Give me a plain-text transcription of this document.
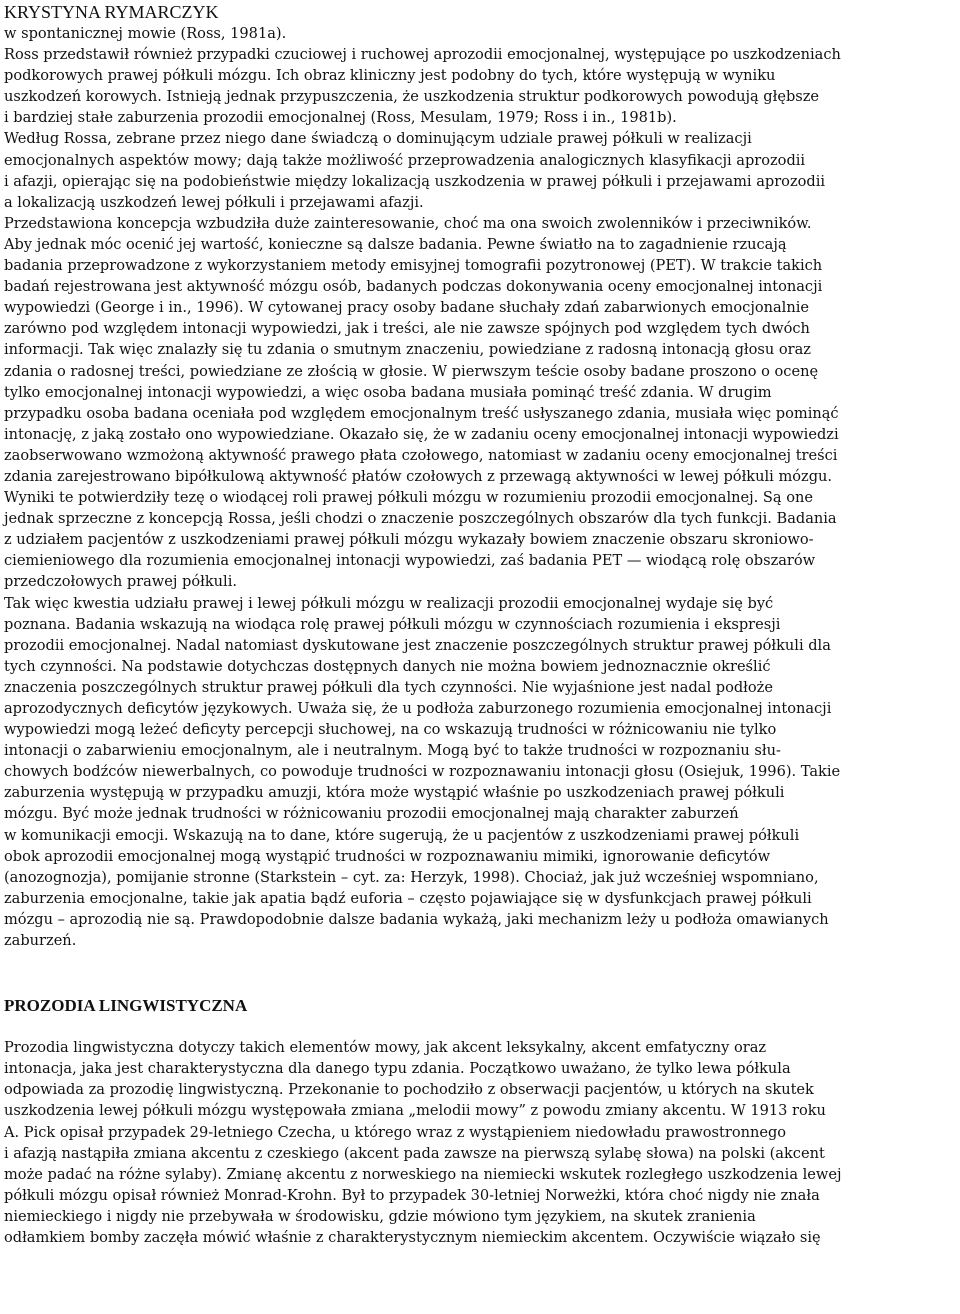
KRYSTYNA RYMARCZYK
w spontanicznej mowie (Ross, 1981a).
Ross przedstawił również przypadki czuciowej i ruchowej aprozodii emocjonalnej, występujące po uszkodzeniach
podkorowych prawej półkuli mózgu. Ich obraz kliniczny jest podobny do tych, które występują w wyniku
uszkodzeń korowych. Istnieją jednak przypuszczenia, że uszkodzenia struktur podkorowych powodują głębsze
i bardziej stałe zaburzenia prozodii emocjonalnej (Ross, Mesulam, 1979; Ross i in., 1981b).
Według Rossa, zebrane przez niego dane świadczą o dominującym udziale prawej półkuli w realizacji
emocjonalnych aspektów mowy; dają także możliwość przeprowadzenia analogicznych klasyfikacji aprozodii
i afazji, opierając się na podobieństwie między lokalizacją uszkodzenia w prawej półkuli i przejawami aprozodii
a lokalizacją uszkodzeń lewej półkuli i przejawami afazji.
Przedstawiona koncepcja wzbudziła duże zainteresowanie, choć ma ona swoich zwolenników i przeciwników.
Aby jednak móc ocenić jej wartość, konieczne są dalsze badania. Pewne światło na to zagadnienie rzucają
badania przeprowadzone z wykorzystaniem metody emisyjnej tomografii pozytronowej (PET). W trakcie takich
badań rejestrowana jest aktywność mózgu osób, badanych podczas dokonywania oceny emocjonalnej intonacji
wypowiedzi (George i in., 1996). W cytowanej pracy osoby badane słuchały zdań zabarwionych emocjonalnie
zarówno pod względem intonacji wypowiedzi, jak i treści, ale nie zawsze spójnych pod względem tych dwóch
informacji. Tak więc znalazły się tu zdania o smutnym znaczeniu, powiedziane z radosną intonacją głosu oraz
zdania o radosnej treści, powiedziane ze złością w głosie. W pierwszym teście osoby badane proszono o ocenę
tylko emocjonalnej intonacji wypowiedzi, a więc osoba badana musiała pominąć treść zdania. W drugim
przypadku osoba badana oceniała pod względem emocjonalnym treść usłyszanego zdania, musiała więc pominąć
intonację, z jaką zostało ono wypowiedziane. Okazało się, że w zadaniu oceny emocjonalnej intonacji wypowiedzi
zaobserwowano wzmożoną aktywność prawego płata czołowego, natomiast w zadaniu oceny emocjonalnej treści
zdania zarejestrowano bipółkulową aktywność płatów czołowych z przewagą aktywności w lewej półkuli mózgu.
Wyniki te potwierdziły tezę o wiodącej roli prawej półkuli mózgu w rozumieniu prozodii emocjonalnej. Są one
jednak sprzeczne z koncepcją Rossa, jeśli chodzi o znaczenie poszczególnych obszarów dla tych funkcji. Badania
z udziałem pacjentów z uszkodzeniami prawej półkuli mózgu wykazały bowiem znaczenie obszaru skroniowo-
ciemieniowego dla rozumienia emocjonalnej intonacji wypowiedzi, zaś badania PET — wiodącą rolę obszarów
przedczołowych prawej półkuli.
Tak więc kwestia udziału prawej i lewej półkuli mózgu w realizacji prozodii emocjonalnej wydaje się być
poznana. Badania wskazują na wiodąca rolę prawej półkuli mózgu w czynnościach rozumienia i ekspresji
prozodii emocjonalnej. Nadal natomiast dyskutowane jest znaczenie poszczególnych struktur prawej półkuli dla
tych czynności. Na podstawie dotychczas dostępnych danych nie można bowiem jednoznacznie określić
znaczenia poszczególnych struktur prawej półkuli dla tych czynności. Nie wyjaśnione jest nadal podłoże
aprozodycznych deficytów językowych. Uważa się, że u podłoża zaburzonego rozumienia emocjonalnej intonacji
wypowiedzi mogą leżeć deficyty percepcji słuchowej, na co wskazują trudności w różnicowaniu nie tylko
intonacji o zabarwieniu emocjonalnym, ale i neutralnym. Mogą być to także trudności w rozpoznaniu słu-
chowych bodźców niewerbalnych, co powoduje trudności w rozpoznawaniu intonacji głosu (Osiejuk, 1996). Takie
zaburzenia występują w przypadku amuzji, która może wystąpić właśnie po uszkodzeniach prawej półkuli
mózgu. Być może jednak trudności w różnicowaniu prozodii emocjonalnej mają charakter zaburzeń
w komunikacji emocji. Wskazują na to dane, które sugerują, że u pacjentów z uszkodzeniami prawej półkuli
obok aprozodii emocjonalnej mogą wystąpić trudności w rozpoznawaniu mimiki, ignorowanie deficytów
(anozognozja), pomijanie stronne (Starkstein – cyt. za: Herzyk, 1998). Chociaż, jak już wcześniej wspomniano,
zaburzenia emocjonalne, takie jak apatia bądź euforia – często pojawiające się w dysfunkcjach prawej półkuli
mózgu – aprozodią nie są. Prawdopodobnie dalsze badania wykażą, jaki mechanizm leży u podłoża omawianych
zaburzeń.
PROZODIA LINGWISTYCZNA
Prozodia lingwistyczna dotyczy takich elementów mowy, jak akcent leksykalny, akcent emfatyczny oraz
intonacja, jaka jest charakterystyczna dla danego typu zdania. Początkowo uważano, że tylko lewa półkula
odpowiada za prozodię lingwistyczną. Przekonanie to pochodziło z obserwacji pacjentów, u których na skutek
uszkodzenia lewej półkuli mózgu występowała zmiana „melodii mowy” z powodu zmiany akcentu. W 1913 roku
A. Pick opisał przypadek 29-letniego Czecha, u którego wraz z wystąpieniem niedowładu prawostronnego
i afazją nastąpiła zmiana akcentu z czeskiego (akcent pada zawsze na pierwszą sylabę słowa) na polski (akcent
może padać na różne sylaby). Zmianę akcentu z norweskiego na niemiecki wskutek rozległego uszkodzenia lewej
półkuli mózgu opisał również Monrad-Krohn. Był to przypadek 30-letniej Norweżki, która choć nigdy nie znała
niemieckiego i nigdy nie przebywała w środowisku, gdzie mówiono tym językiem, na skutek zranienia
odłamkiem bomby zaczęła mówić właśnie z charakterystycznym niemieckim akcentem. Oczywiście wiązało się
